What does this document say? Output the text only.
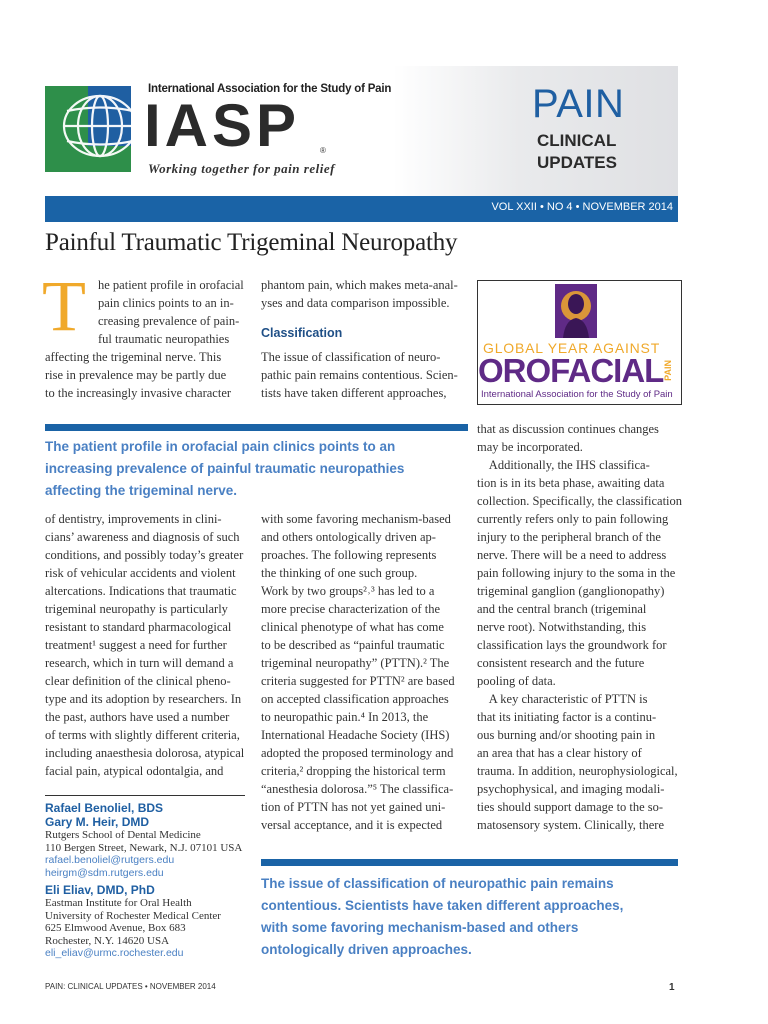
International Association for the Study of Pain
IASP ®
Working together for pain relief
PAIN
CLINICAL
UPDATES
VOL XXII • NO 4 • NOVEMBER 2014
Painful Traumatic Trigeminal Neuropathy
T he patient profile in orofacial
pain clinics points to an in-
creasing prevalence of pain-
ful traumatic neuropathies
affecting the trigeminal nerve. This
rise in prevalence may be partly due
to the increasingly invasive character
phantom pain, which makes meta-anal-
yses and data comparison impossible.
Classification
The issue of classification of neuro-
pathic pain remains contentious. Scien-
tists have taken different approaches,
GLOBAL YEAR AGAINST
OROFACIAL PAIN
International Association for the Study of Pain
The patient profile in orofacial pain clinics points to an
increasing prevalence of painful traumatic neuropathies
affecting the trigeminal nerve.
of dentistry, improvements in clini-
cians’ awareness and diagnosis of such
conditions, and possibly today’s greater
risk of vehicular accidents and violent
altercations. Indications that traumatic
trigeminal neuropathy is particularly
resistant to standard pharmacological
treatment¹ suggest a need for further
research, which in turn will demand a
clear definition of the clinical pheno-
type and its adoption by researchers. In
the past, authors have used a number
of terms with slightly different criteria,
including anaesthesia dolorosa, atypical
facial pain, atypical odontalgia, and
with some favoring mechanism-based
and others ontologically driven ap-
proaches. The following represents
the thinking of one such group.
Work by two groups²˒³ has led to a
more precise characterization of the
clinical phenotype of what has come
to be described as “painful traumatic
trigeminal neuropathy” (PTTN).² The
criteria suggested for PTTN² are based
on accepted classification approaches
to neuropathic pain.⁴ In 2013, the
International Headache Society (IHS)
adopted the proposed terminology and
criteria,² dropping the historical term
“anesthesia dolorosa.”⁵ The classifica-
tion of PTTN has not yet gained uni-
versal acceptance, and it is expected
that as discussion continues changes
may be incorporated.
Additionally, the IHS classifica-
tion is in its beta phase, awaiting data
collection. Specifically, the classification
currently refers only to pain following
injury to the peripheral branch of the
nerve. There will be a need to address
pain following injury to the soma in the
trigeminal ganglion (ganglionopathy)
and the central branch (trigeminal
nerve root). Notwithstanding, this
classification lays the groundwork for
consistent research and the future
pooling of data.
A key characteristic of PTTN is
that its initiating factor is a continu-
ous burning and/or shooting pain in
an area that has a clear history of
trauma. In addition, neurophysiological,
psychophysical, and imaging modali-
ties should support damage to the so-
matosensory system. Clinically, there
Rafael Benoliel, BDS
Gary M. Heir, DMD
Rutgers School of Dental Medicine
110 Bergen Street, Newark, N.J. 07101 USA
rafael.benoliel@rutgers.edu
heirgm@sdm.rutgers.edu
Eli Eliav, DMD, PhD
Eastman Institute for Oral Health
University of Rochester Medical Center
625 Elmwood Avenue, Box 683
Rochester, N.Y. 14620 USA
eli_eliav@urmc.rochester.edu
The issue of classification of neuropathic pain remains
contentious. Scientists have taken different approaches,
with some favoring mechanism-based and others
ontologically driven approaches.
PAIN: CLINICAL UPDATES • NOVEMBER 2014	1
